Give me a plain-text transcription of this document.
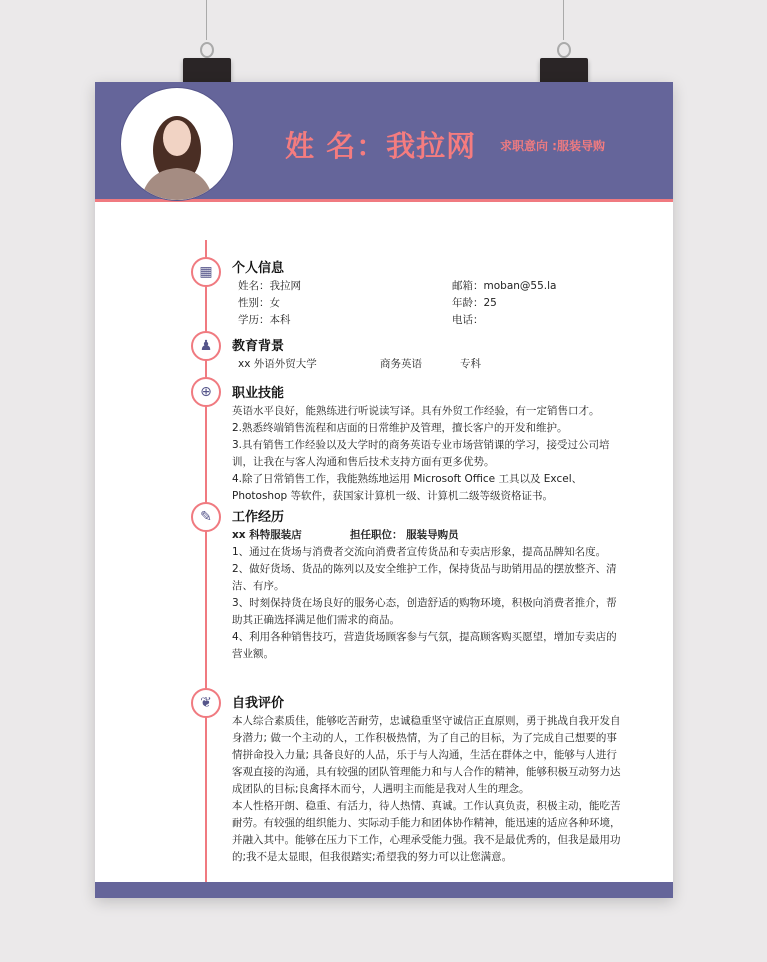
姓 名：我拉网 求职意向 :服装导购
▦	个人信息
姓名：我拉网	邮箱：moban@55.la
性别：女	年龄：25
学历：本科	电话：
♟	教育背景
xx 外语外贸大学	商务英语	专科
⊕	职业技能

英语水平良好，能熟练进行听说读写译。具有外贸工作经验，有一定销售口才。

2.熟悉终端销售流程和店面的日常维护及管理，擅长客户的开发和维护。

3.具有销售工作经验以及大学时的商务英语专业市场营销课的学习，接受过公司培训，让我在与客人沟通和售后技术支持方面有更多优势。

4.除了日常销售工作，我能熟练地运用 Microsoft Office 工具以及 Excel、Photoshop 等软件，获国家计算机一级、计算机二级等级资格证书。

✎	工作经历
xx 科特服装店	担任职位： 服装导购员

1、通过在货场与消费者交流向消费者宣传货品和专卖店形象，提高品牌知名度。

2、做好货场、货品的陈列以及安全维护工作，保持货品与助销用品的摆放整齐、清洁、有序。

3、时刻保持货在场良好的服务心态，创造舒适的购物环境，积极向消费者推介，帮助其正确选择满足他们需求的商品。

4、利用各种销售技巧，营造货场顾客参与气氛，提高顾客购买愿望，增加专卖店的营业额。

❦	自我评价

本人综合素质佳，能够吃苦耐劳，忠诚稳重坚守诚信正直原则，勇于挑战自我开发自身潜力; 做一个主动的人，工作积极热情，为了自己的目标，为了完成自己想要的事情拼命投入力量; 具备良好的人品，乐于与人沟通，生活在群体之中，能够与人进行客观直接的沟通，具有较强的团队管理能力和与人合作的精神，能够积极互动努力达成团队的目标;良禽择木而兮，人遇明主而能是我对人生的理念。

本人性格开朗、稳重、有活力，待人热情、真诚。工作认真负责，积极主动，能吃苦耐劳。有较强的组织能力、实际动手能力和团体协作精神，能迅速的适应各种环境，并融入其中。能够在压力下工作，心理承受能力强。我不是最优秀的，但我是最用功的;我不是太显眼，但我很踏实;希望我的努力可以让您满意。
